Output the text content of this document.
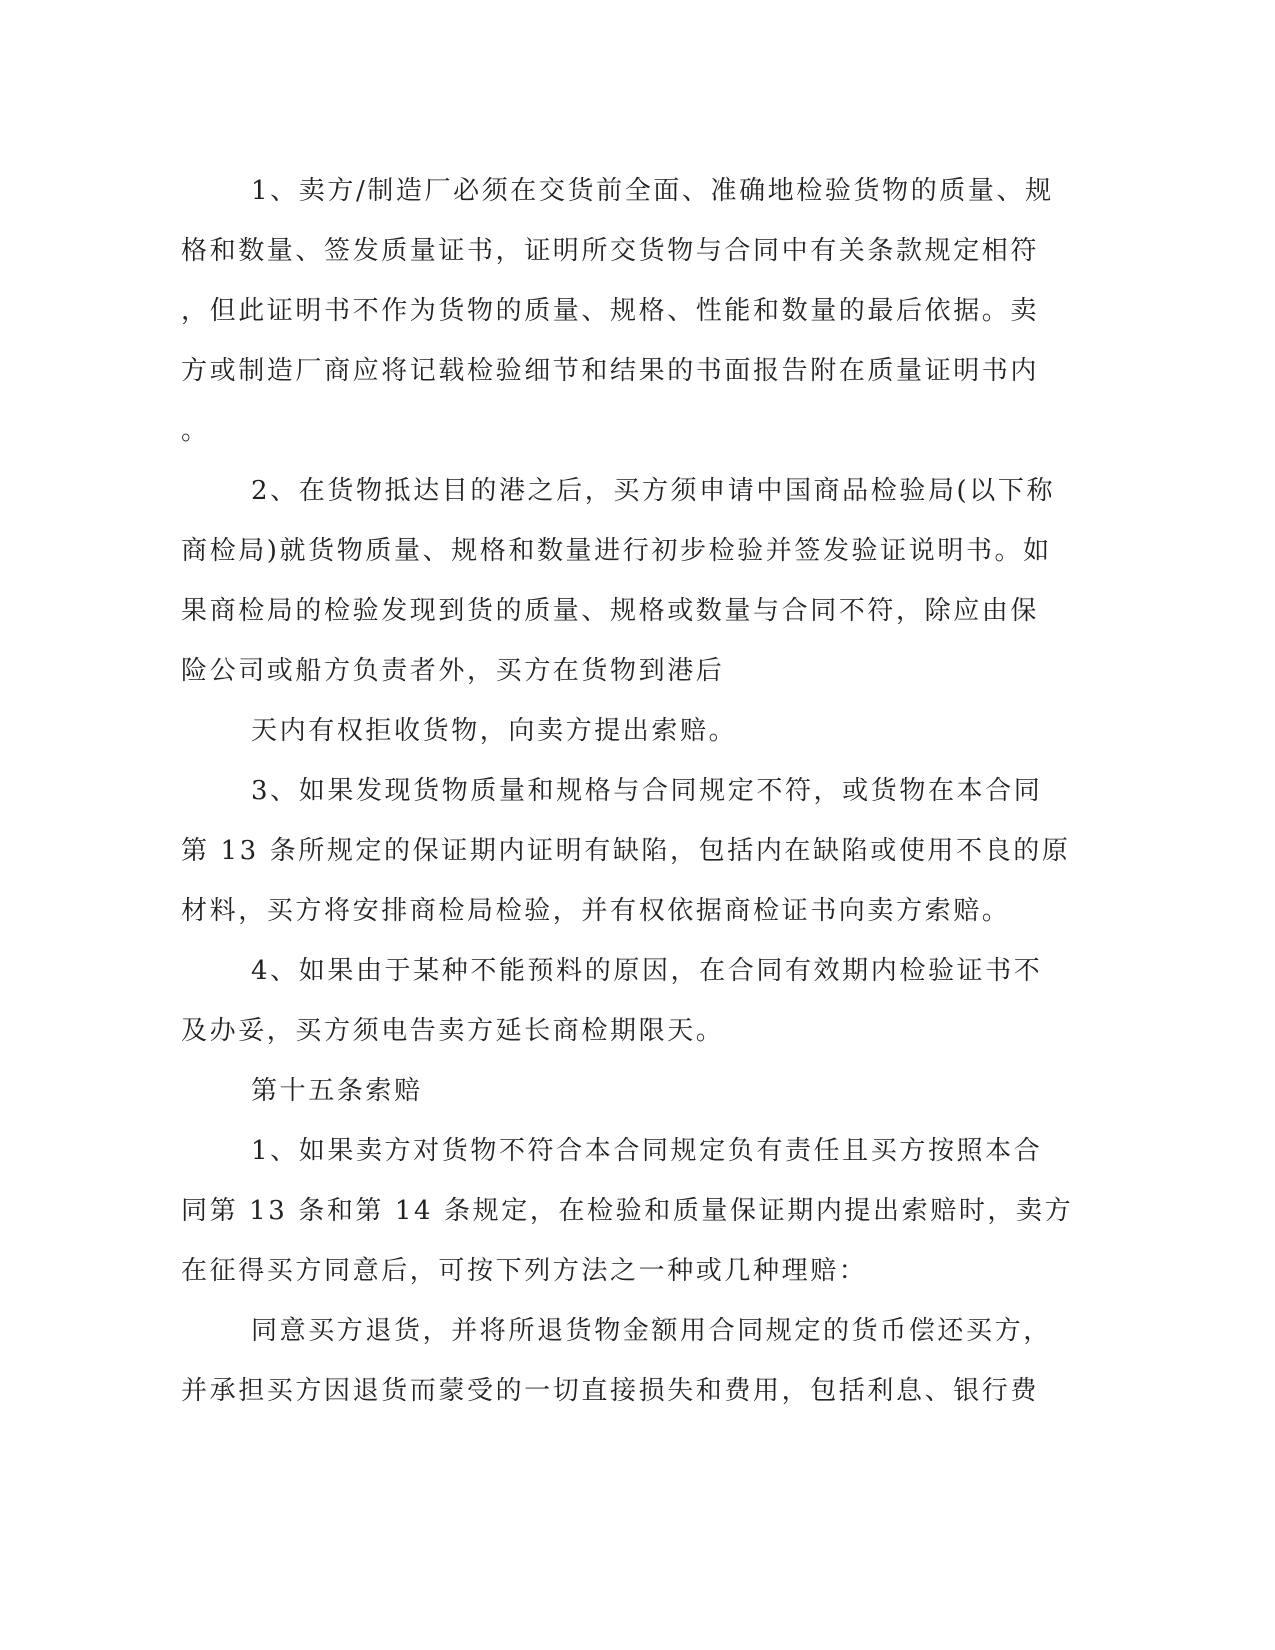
1、卖方/制造厂必须在交货前全面、准确地检验货物的质量、规
格和数量、签发质量证书，证明所交货物与合同中有关条款规定相符
，但此证明书不作为货物的质量、规格、性能和数量的最后依据。卖
方或制造厂商应将记载检验细节和结果的书面报告附在质量证明书内
。
2、在货物抵达目的港之后，买方须申请中国商品检验局(以下称
商检局)就货物质量、规格和数量进行初步检验并签发验证说明书。如
果商检局的检验发现到货的质量、规格或数量与合同不符，除应由保
险公司或船方负责者外，买方在货物到港后
天内有权拒收货物，向卖方提出索赔。
3、如果发现货物质量和规格与合同规定不符，或货物在本合同
第 13 条所规定的保证期内证明有缺陷，包括内在缺陷或使用不良的原
材料，买方将安排商检局检验，并有权依据商检证书向卖方索赔。
4、如果由于某种不能预料的原因，在合同有效期内检验证书不
及办妥，买方须电告卖方延长商检期限天。
第十五条索赔
1、如果卖方对货物不符合本合同规定负有责任且买方按照本合
同第 13 条和第 14 条规定，在检验和质量保证期内提出索赔时，卖方
在征得买方同意后，可按下列方法之一种或几种理赔：
同意买方退货，并将所退货物金额用合同规定的货币偿还买方，
并承担买方因退货而蒙受的一切直接损失和费用，包括利息、银行费
